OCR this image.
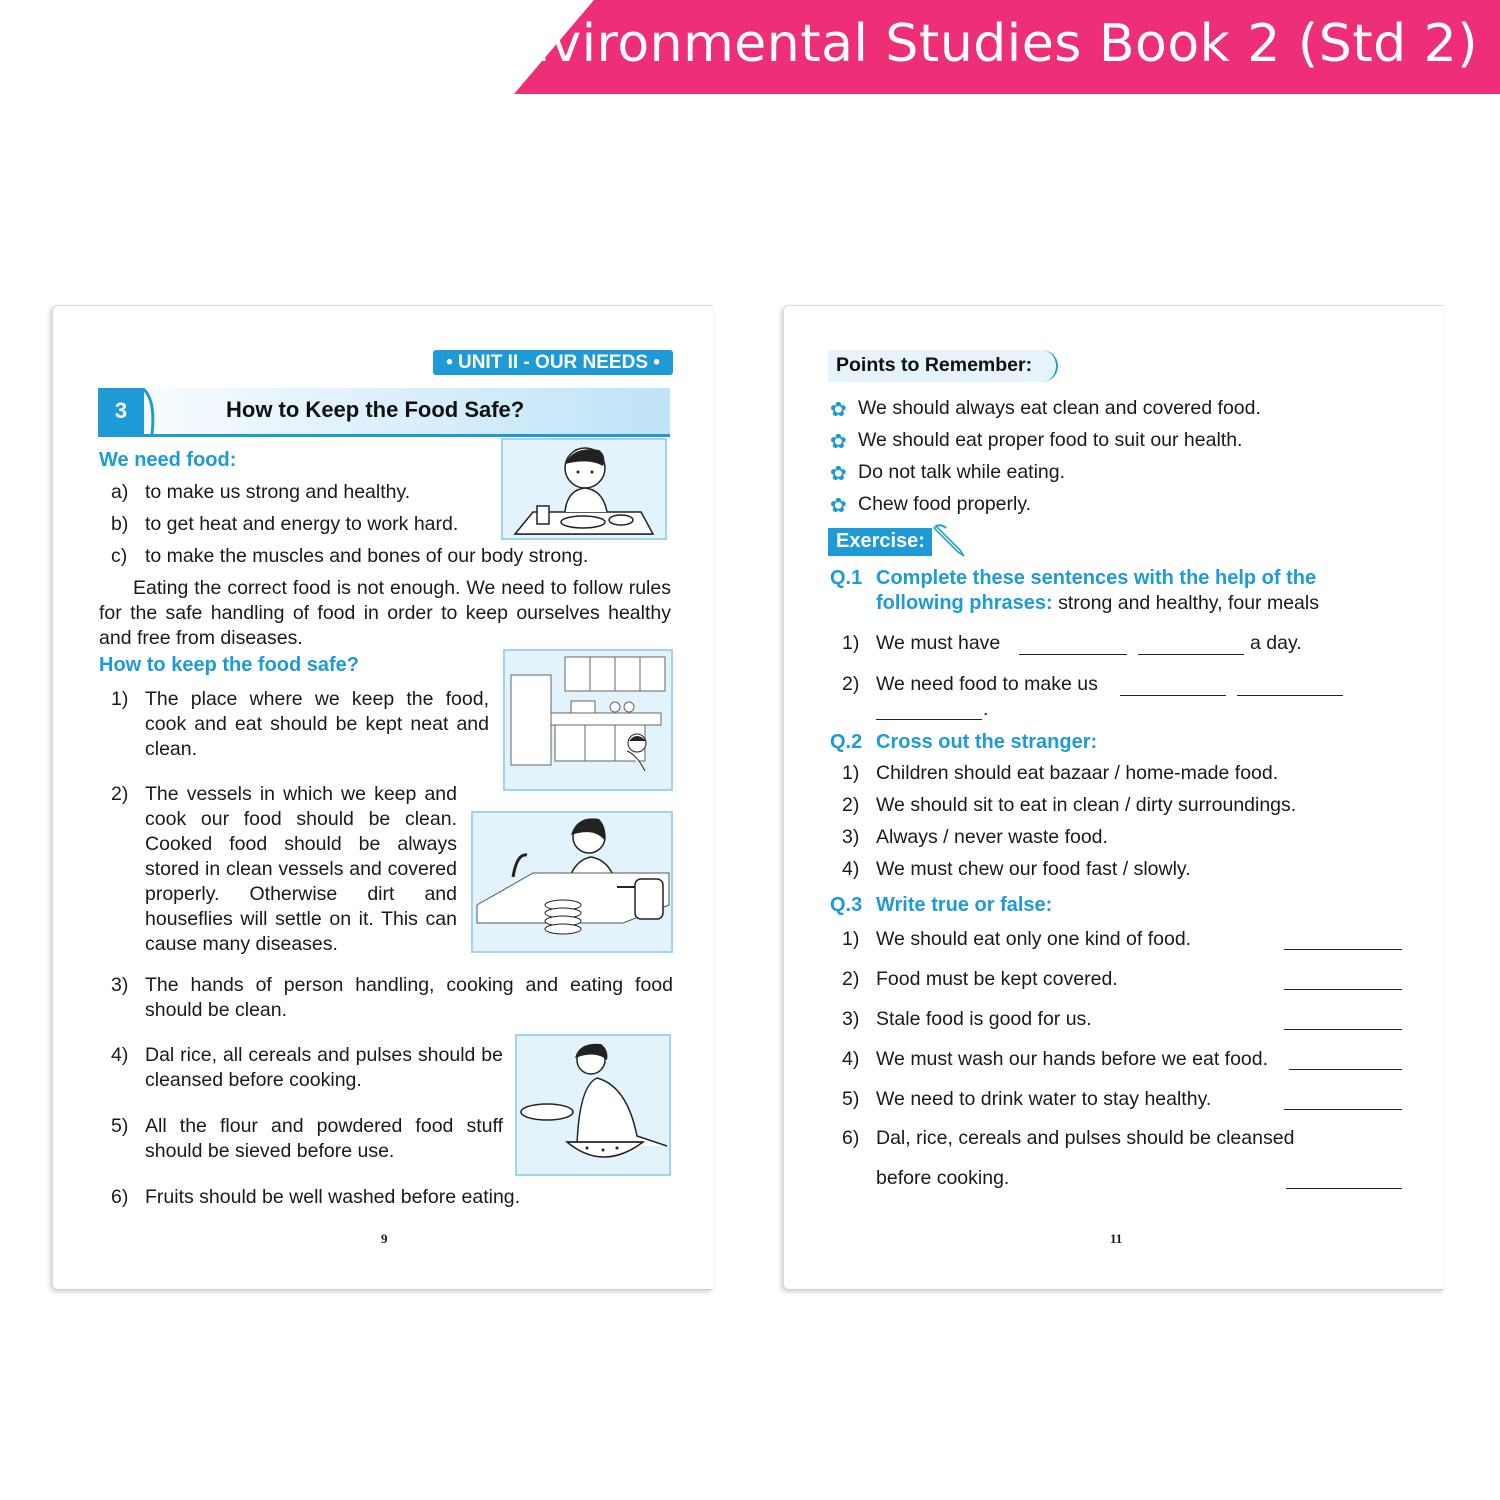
Environmental Studies Book 2 (Std 2)
• UNIT II - OUR NEEDS •
3	How to Keep the Food Safe?
We need food:
a) to make us strong and healthy.
b) to get heat and energy to work hard.
c) to make the muscles and bones of our body strong.
Eating the correct food is not enough. We need to follow rules for the safe handling of food in order to keep ourselves healthy and free from diseases.
How to keep the food safe?
1) The place where we keep the food, cook and eat should be kept neat and clean.
2) The vessels in which we keep and cook our food should be clean. Cooked food should be always stored in clean vessels and covered properly. Otherwise dirt and houseflies will settle on it. This can cause many diseases.
3) The hands of person handling, cooking and eating food should be clean.
4) Dal rice, all cereals and pulses should be cleansed before cooking.
5) All the flour and powdered food stuff should be sieved before use.
6) Fruits should be well washed before eating.
9
Points to Remember:
✿ We should always eat clean and covered food.
✿ We should eat proper food to suit our health.
✿ Do not talk while eating.
✿ Chew food properly.
Exercise:
Q.1 Complete these sentences with the help of the
following phrases: strong and healthy, four meals
1) We must have	a day.
2) We need food to make us
.
Q.2 Cross out the stranger:
1) Children should eat bazaar / home-made food.
2) We should sit to eat in clean / dirty surroundings.
3) Always / never waste food.
4) We must chew our food fast / slowly.
Q.3 Write true or false:
1) We should eat only one kind of food.
2) Food must be kept covered.
3) Stale food is good for us.
4) We must wash our hands before we eat food.
5) We need to drink water to stay healthy.
6) Dal, rice, cereals and pulses should be cleansed
before cooking.
11
